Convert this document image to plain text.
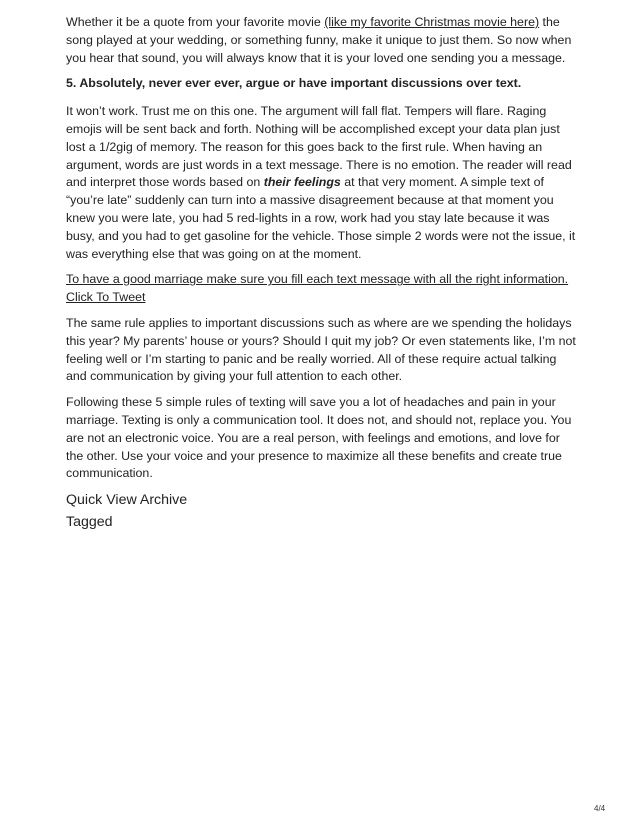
Whether it be a quote from your favorite movie (like my favorite Christmas movie here) the song played at your wedding, or something funny, make it unique to just them. So now when you hear that sound, you will always know that it is your loved one sending you a message.

5. Absolutely, never ever ever, argue or have important discussions over text.

It won’t work. Trust me on this one. The argument will fall flat. Tempers will flare. Raging emojis will be sent back and forth. Nothing will be accomplished except your data plan just lost a 1/2gig of memory. The reason for this goes back to the first rule. When having an argument, words are just words in a text message. There is no emotion. The reader will read and interpret those words based on their feelings at that very moment. A simple text of “you’re late” suddenly can turn into a massive disagreement because at that moment you knew you were late, you had 5 red-lights in a row, work had you stay late because it was busy, and you had to get gasoline for the vehicle. Those simple 2 words were not the issue, it was everything else that was going on at the moment.

To have a good marriage make sure you fill each text message with all the right information.
Click To Tweet

The same rule applies to important discussions such as where are we spending the holidays this year? My parents’ house or yours? Should I quit my job? Or even statements like, I’m not feeling well or I’m starting to panic and be really worried. All of these require actual talking and communication by giving your full attention to each other.

Following these 5 simple rules of texting will save you a lot of headaches and pain in your marriage. Texting is only a communication tool. It does not, and should not, replace you. You are not an electronic voice. You are a real person, with feelings and emotions, and love for the other. Use your voice and your presence to maximize all these benefits and create true communication.

Quick View Archive
Tagged
4/4
